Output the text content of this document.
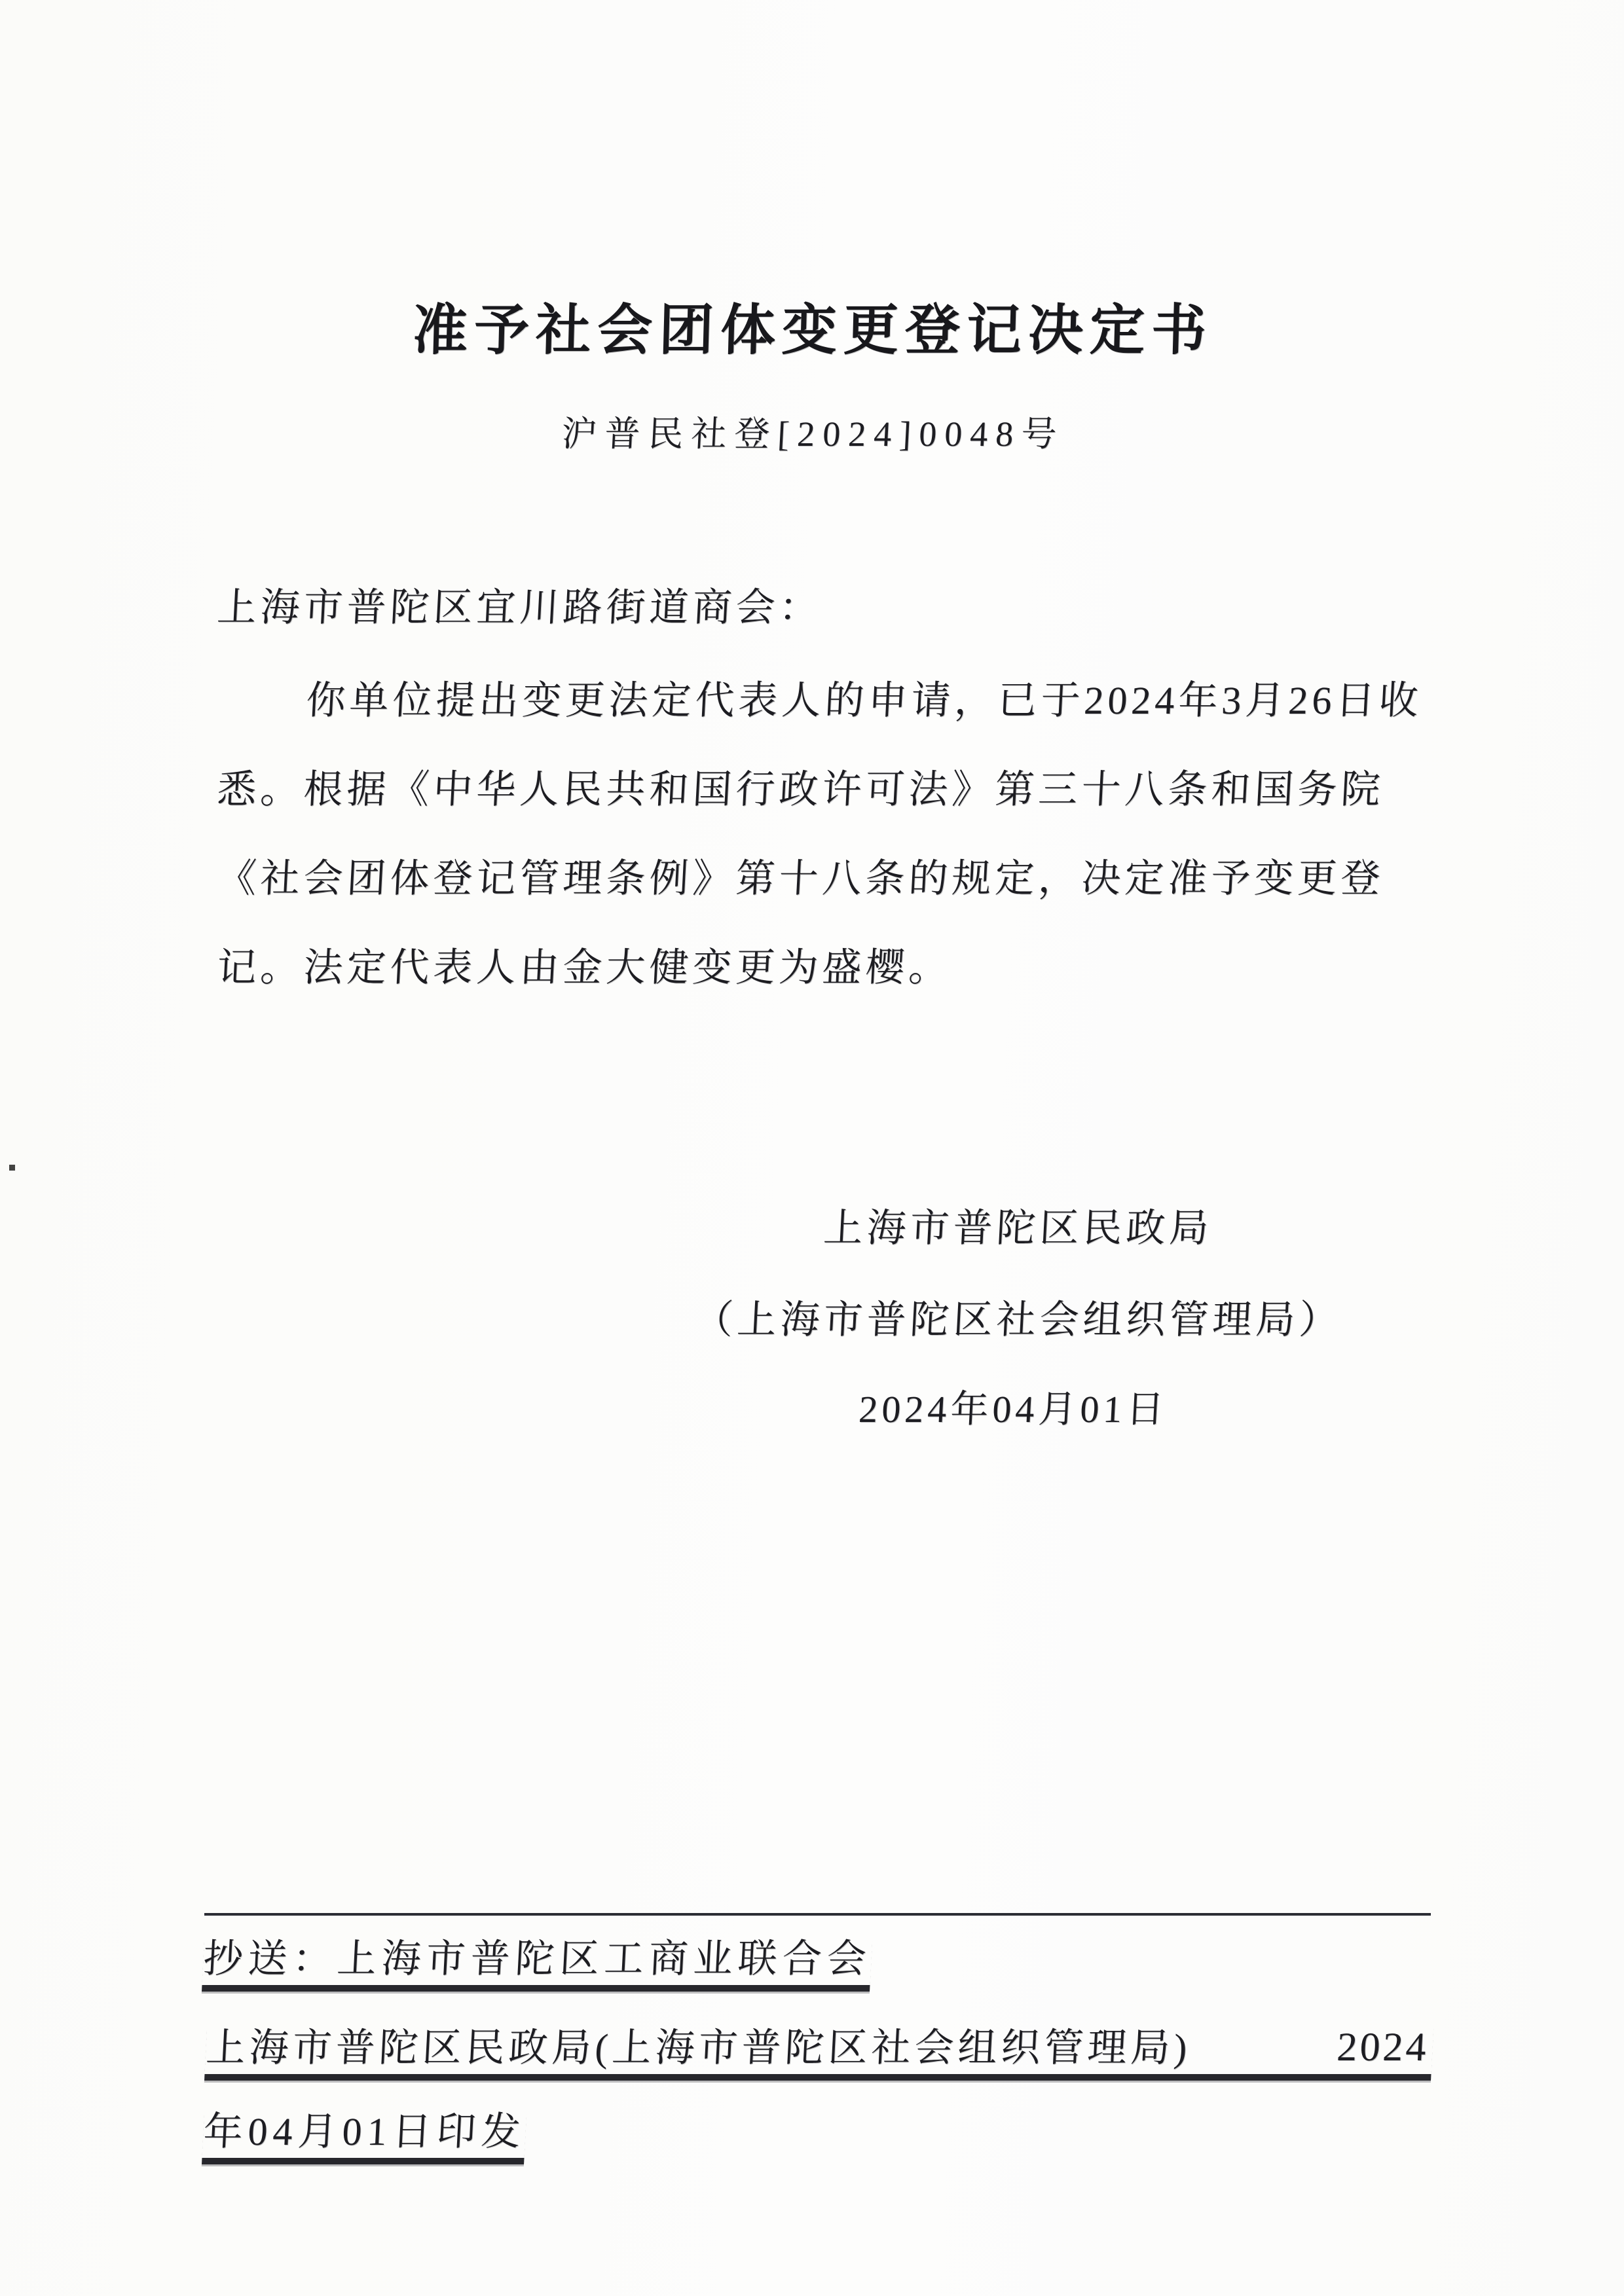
准予社会团体变更登记决定书
沪普民社登[2024]0048号
上海市普陀区宜川路街道商会：
你单位提出变更法定代表人的申请，已于2024年3月26日收
悉。根据《中华人民共和国行政许可法》第三十八条和国务院
《社会团体登记管理条例》第十八条的规定，决定准予变更登
记。法定代表人由金大健变更为盛樱。
上海市普陀区民政局
（上海市普陀区社会组织管理局）
2024年04月01日
抄送：上海市普陀区工商业联合会
上海市普陀区民政局(上海市普陀区社会组织管理局)	2024
年04月01日印发
